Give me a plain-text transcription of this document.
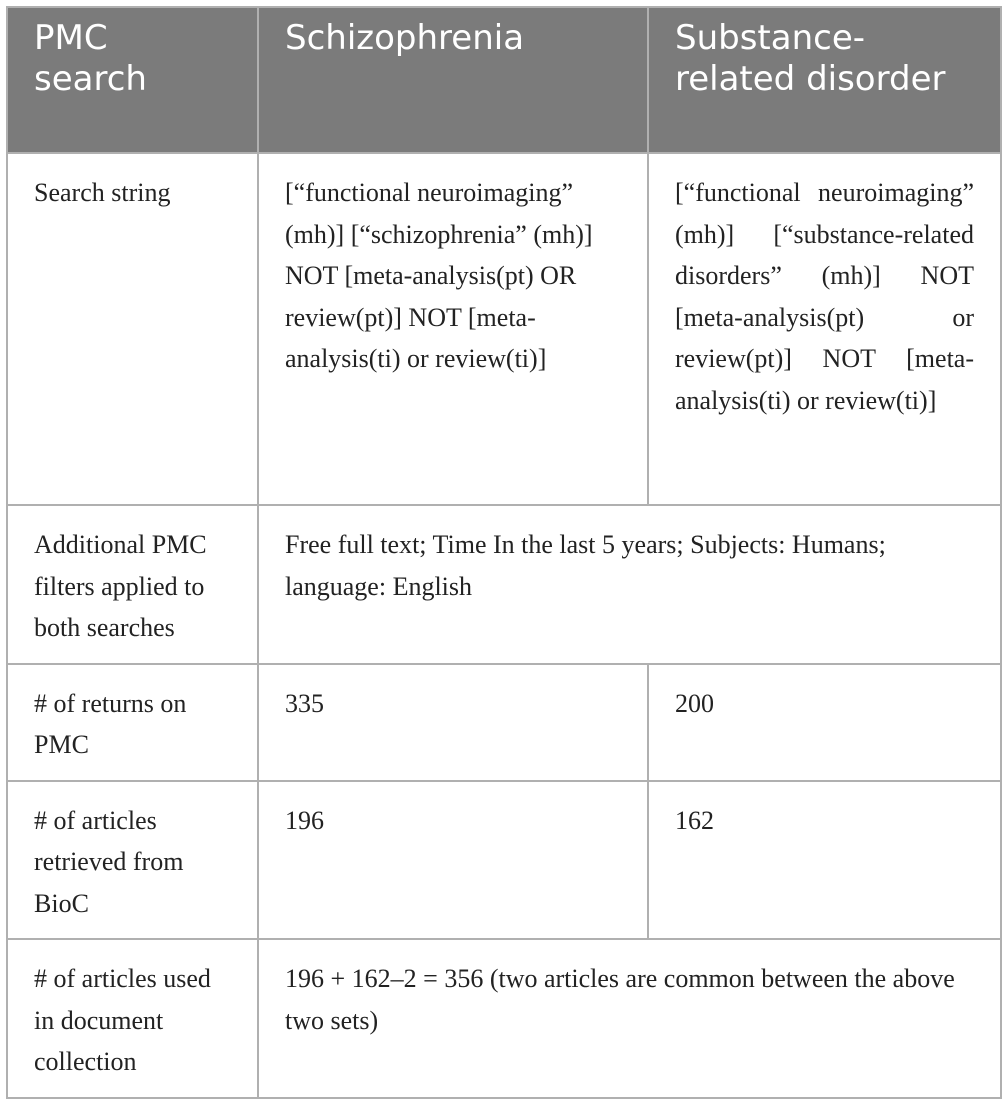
PMC search	Schizophrenia	Substance-related disorder
Search string	[“functional neuroimaging” (mh)] [“schizophrenia” (mh)] NOT [meta-analysis(pt) OR review(pt)] NOT [meta-analysis(ti) or review(ti)]	[“functional neuroimaging” (mh)] [“substance-related disorders” (mh)] NOT [meta-analysis(pt) or review(pt)] NOT [meta-analysis(ti) or review(ti)]
Additional PMC filters applied to both searches	Free full text; Time In the last 5 years; Subjects: Humans; language: English	
# of returns on PMC	335	200
# of articles retrieved from BioC	196	162
# of articles used in document collection	196 + 162–2 = 356 (two articles are common between the above two sets)	
